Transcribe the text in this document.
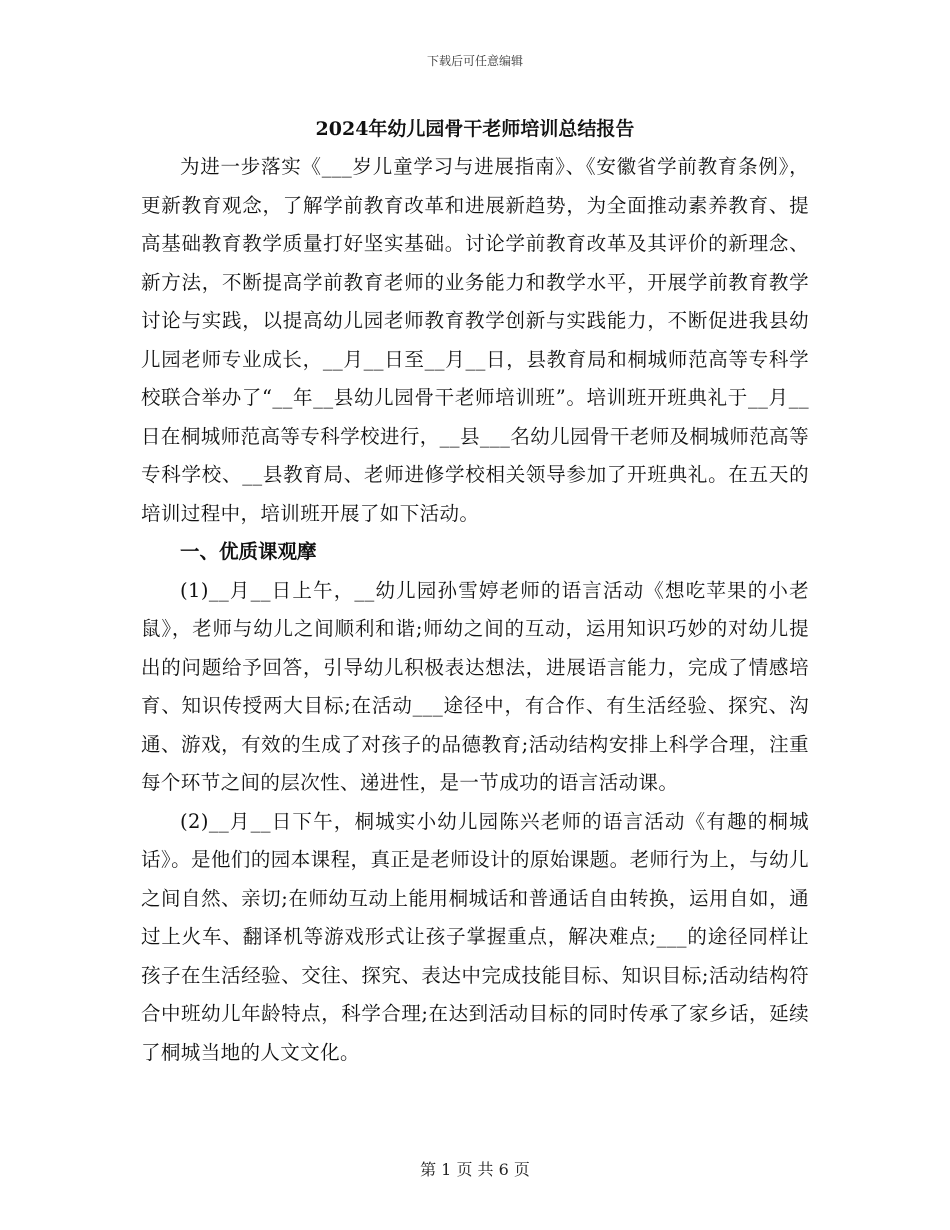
下载后可任意编辑
2024年幼儿园骨干老师培训总结报告

为进一步落实《___岁儿童学习与进展指南》、《安徽省学前教育条例》，更新教育观念，了解学前教育改革和进展新趋势，为全面推动素养教育、提高基础教育教学质量打好坚实基础。讨论学前教育改革及其评价的新理念、新方法，不断提高学前教育老师的业务能力和教学水平，开展学前教育教学讨论与实践，以提高幼儿园老师教育教学创新与实践能力，不断促进我县幼儿园老师专业成长，__月__日至__月__日，县教育局和桐城师范高等专科学校联合举办了“__年__县幼儿园骨干老师培训班”。培训班开班典礼于__月__日在桐城师范高等专科学校进行，__县___名幼儿园骨干老师及桐城师范高等专科学校、__县教育局、老师进修学校相关领导参加了开班典礼。在五天的培训过程中，培训班开展了如下活动。

一、优质课观摩

(1)__月__日上午，__幼儿园孙雪婷老师的语言活动《想吃苹果的小老鼠》，老师与幼儿之间顺利和谐;师幼之间的互动，运用知识巧妙的对幼儿提出的问题给予回答，引导幼儿积极表达想法，进展语言能力，完成了情感培育、知识传授两大目标;在活动___途径中，有合作、有生活经验、探究、沟通、游戏，有效的生成了对孩子的品德教育;活动结构安排上科学合理，注重每个环节之间的层次性、递进性，是一节成功的语言活动课。

(2)__月__日下午，桐城实小幼儿园陈兴老师的语言活动《有趣的桐城话》。是他们的园本课程，真正是老师设计的原始课题。老师行为上，与幼儿之间自然、亲切;在师幼互动上能用桐城话和普通话自由转换，运用自如，通过上火车、翻译机等游戏形式让孩子掌握重点，解决难点;___的途径同样让孩子在生活经验、交往、探究、表达中完成技能目标、知识目标;活动结构符合中班幼儿年龄特点，科学合理;在达到活动目标的同时传承了家乡话，延续了桐城当地的人文文化。

第 1 页 共 6 页
